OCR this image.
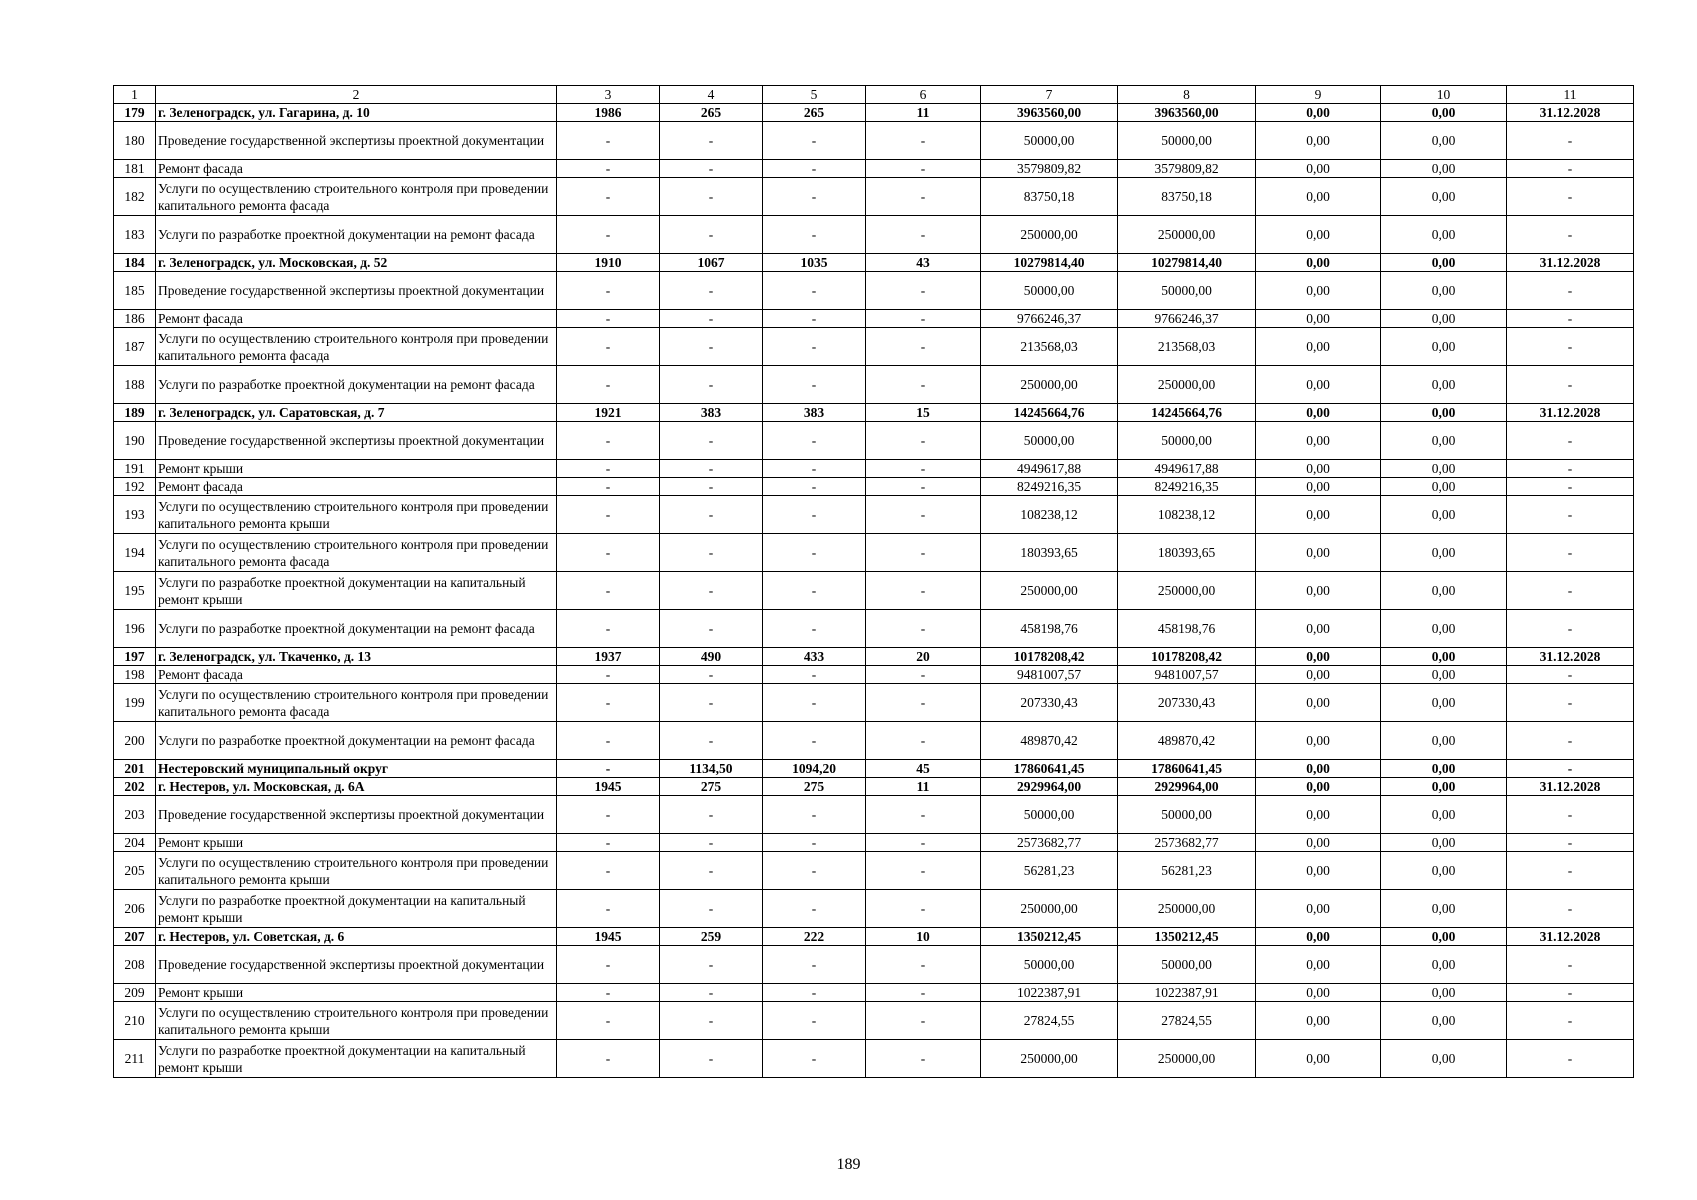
1	2	3	4	5	6	7	8	9	10	11
179	г. Зеленоградск, ул. Гагарина, д. 10	1986	265	265	11	3963560,00	3963560,00	0,00	0,00	31.12.2028
180	Проведение государственной экспертизы проектной документации	-	-	-	-	50000,00	50000,00	0,00	0,00	-
181	Ремонт фасада	-	-	-	-	3579809,82	3579809,82	0,00	0,00	-
182	Услуги по осуществлению строительного контроля при проведении капитального ремонта фасада	-	-	-	-	83750,18	83750,18	0,00	0,00	-
183	Услуги по разработке проектной документации на ремонт фасада	-	-	-	-	250000,00	250000,00	0,00	0,00	-
184	г. Зеленоградск, ул. Московская, д. 52	1910	1067	1035	43	10279814,40	10279814,40	0,00	0,00	31.12.2028
185	Проведение государственной экспертизы проектной документации	-	-	-	-	50000,00	50000,00	0,00	0,00	-
186	Ремонт фасада	-	-	-	-	9766246,37	9766246,37	0,00	0,00	-
187	Услуги по осуществлению строительного контроля при проведении капитального ремонта фасада	-	-	-	-	213568,03	213568,03	0,00	0,00	-
188	Услуги по разработке проектной документации на ремонт фасада	-	-	-	-	250000,00	250000,00	0,00	0,00	-
189	г. Зеленоградск, ул. Саратовская, д. 7	1921	383	383	15	14245664,76	14245664,76	0,00	0,00	31.12.2028
190	Проведение государственной экспертизы проектной документации	-	-	-	-	50000,00	50000,00	0,00	0,00	-
191	Ремонт крыши	-	-	-	-	4949617,88	4949617,88	0,00	0,00	-
192	Ремонт фасада	-	-	-	-	8249216,35	8249216,35	0,00	0,00	-
193	Услуги по осуществлению строительного контроля при проведении капитального ремонта крыши	-	-	-	-	108238,12	108238,12	0,00	0,00	-
194	Услуги по осуществлению строительного контроля при проведении капитального ремонта фасада	-	-	-	-	180393,65	180393,65	0,00	0,00	-
195	Услуги по разработке проектной документации на капитальный ремонт крыши	-	-	-	-	250000,00	250000,00	0,00	0,00	-
196	Услуги по разработке проектной документации на ремонт фасада	-	-	-	-	458198,76	458198,76	0,00	0,00	-
197	г. Зеленоградск, ул. Ткаченко, д. 13	1937	490	433	20	10178208,42	10178208,42	0,00	0,00	31.12.2028
198	Ремонт фасада	-	-	-	-	9481007,57	9481007,57	0,00	0,00	-
199	Услуги по осуществлению строительного контроля при проведении капитального ремонта фасада	-	-	-	-	207330,43	207330,43	0,00	0,00	-
200	Услуги по разработке проектной документации на ремонт фасада	-	-	-	-	489870,42	489870,42	0,00	0,00	-
201	Нестеровский муниципальный округ	-	1134,50	1094,20	45	17860641,45	17860641,45	0,00	0,00	-
202	г. Нестеров, ул. Московская, д. 6А	1945	275	275	11	2929964,00	2929964,00	0,00	0,00	31.12.2028
203	Проведение государственной экспертизы проектной документации	-	-	-	-	50000,00	50000,00	0,00	0,00	-
204	Ремонт крыши	-	-	-	-	2573682,77	2573682,77	0,00	0,00	-
205	Услуги по осуществлению строительного контроля при проведении капитального ремонта крыши	-	-	-	-	56281,23	56281,23	0,00	0,00	-
206	Услуги по разработке проектной документации на капитальный ремонт крыши	-	-	-	-	250000,00	250000,00	0,00	0,00	-
207	г. Нестеров, ул. Советская, д. 6	1945	259	222	10	1350212,45	1350212,45	0,00	0,00	31.12.2028
208	Проведение государственной экспертизы проектной документации	-	-	-	-	50000,00	50000,00	0,00	0,00	-
209	Ремонт крыши	-	-	-	-	1022387,91	1022387,91	0,00	0,00	-
210	Услуги по осуществлению строительного контроля при проведении капитального ремонта крыши	-	-	-	-	27824,55	27824,55	0,00	0,00	-
211	Услуги по разработке проектной документации на капитальный ремонт крыши	-	-	-	-	250000,00	250000,00	0,00	0,00	-
189
